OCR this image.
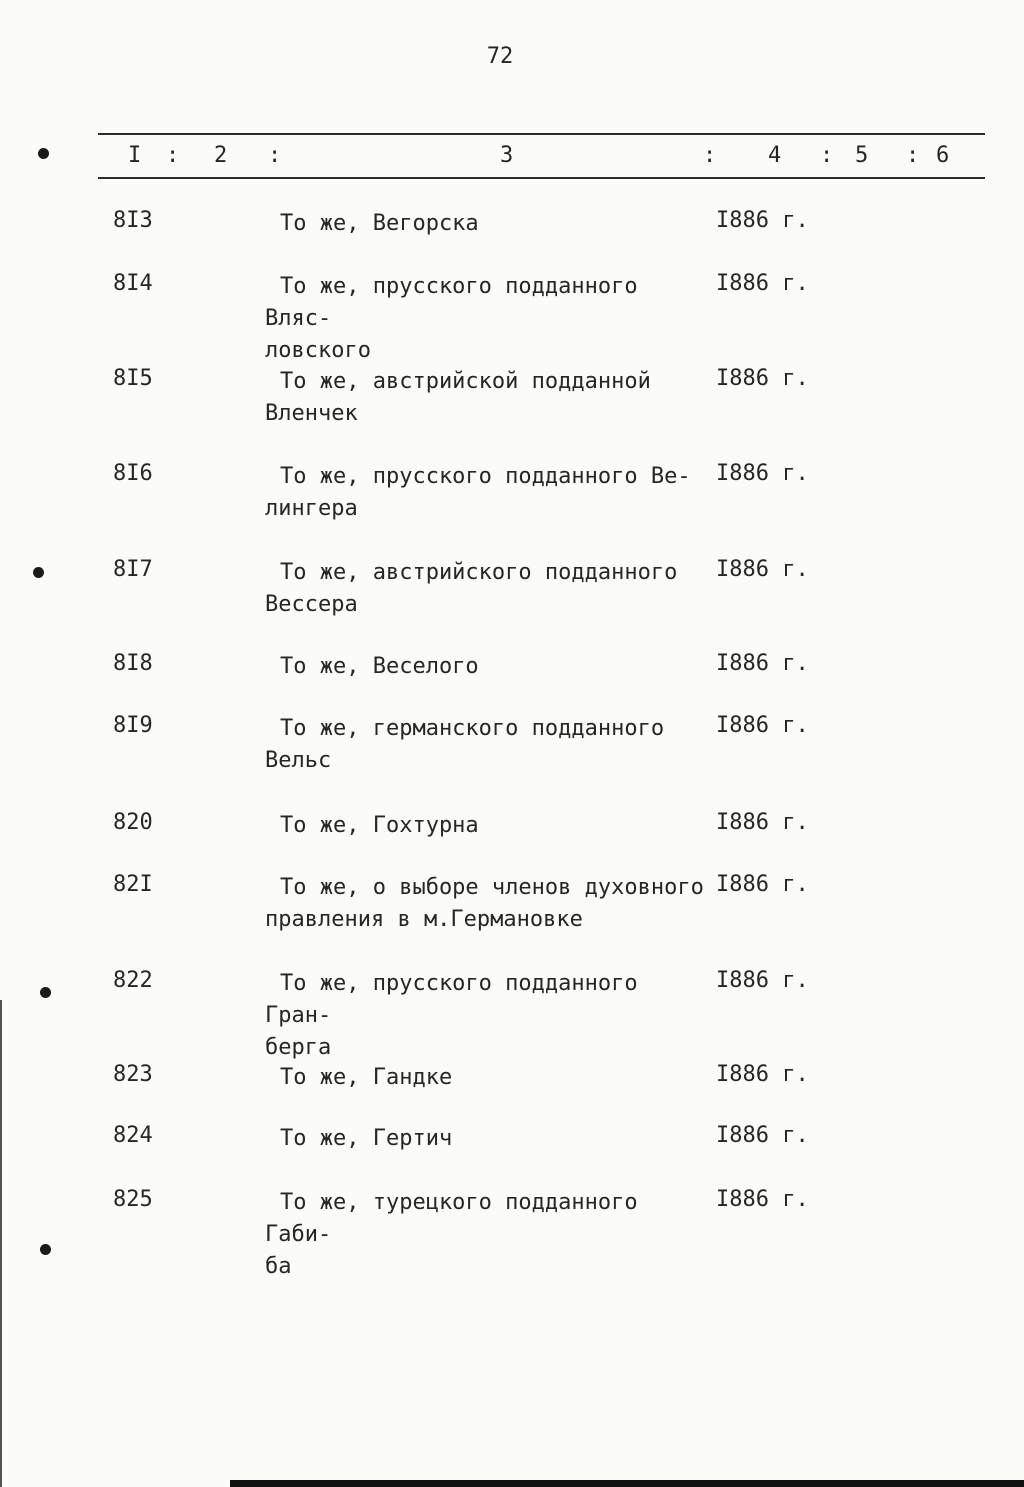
72
I : 2 :	3	: 4 : 5 : 6
8I3	То же, Вегорска	I886 г.
8I4	То же, прусского подданного Вляс-
ловского
I886 г.
8I5	То же, австрийской подданной
Вленчек
I886 г.
8I6	То же, прусского подданного Ве-
лингера
I886 г.
8I7	То же, австрийского подданного
Вессера
I886 г.
8I8	То же, Веселого	I886 г.
8I9	То же, германского подданного
Вельс
I886 г.
820	То же, Гохтурна	I886 г.
82I	То же, о выборе членов духовного
правления в м.Германовке
I886 г.
822	То же, прусского подданного Гран-
берга
I886 г.
823	То же, Гандке	I886 г.
824	То же, Гертич	I886 г.
825	То же, турецкого подданного Габи-
ба
I886 г.
